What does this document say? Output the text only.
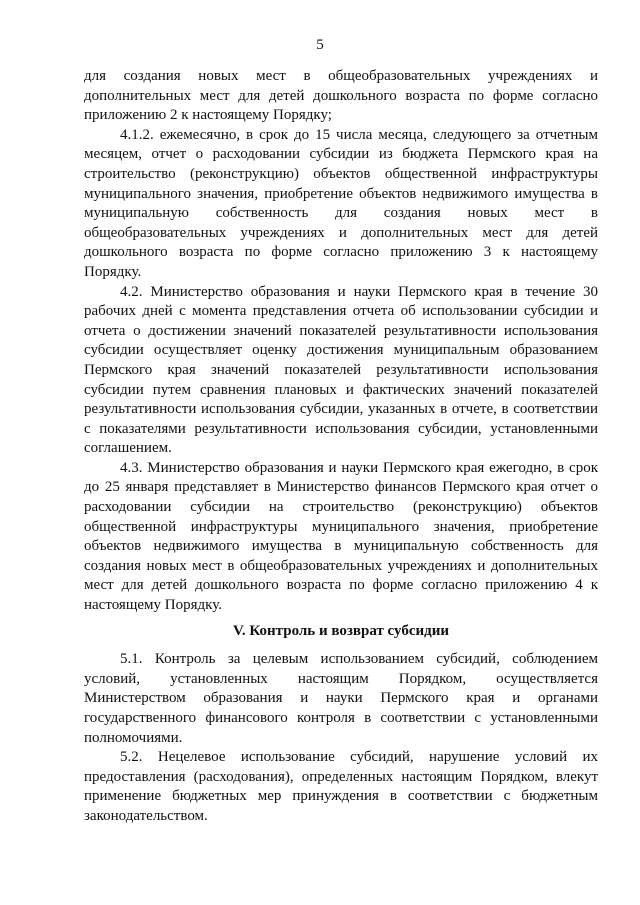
5

для создания новых мест в общеобразовательных учреждениях и дополнительных мест для детей дошкольного возраста по форме согласно приложению 2 к настоящему Порядку;

4.1.2. ежемесячно, в срок до 15 числа месяца, следующего за отчетным месяцем, отчет о расходовании субсидии из бюджета Пермского края на строительство (реконструкцию) объектов общественной инфраструктуры муниципального значения, приобретение объектов недвижимого имущества в муниципальную собственность для создания новых мест в общеобразовательных учреждениях и дополнительных мест для детей дошкольного возраста по форме согласно приложению 3 к настоящему Порядку.

4.2. Министерство образования и науки Пермского края в течение 30 рабочих дней с момента представления отчета об использовании субсидии и отчета о достижении значений показателей результативности использования субсидии осуществляет оценку достижения муниципальным образованием Пермского края значений показателей результативности использования субсидии путем сравнения плановых и фактических значений показателей результативности использования субсидии, указанных в отчете, в соответствии с показателями результативности использования субсидии, установленными соглашением.

4.3. Министерство образования и науки Пермского края ежегодно, в срок до 25 января представляет в Министерство финансов Пермского края отчет о расходовании субсидии на строительство (реконструкцию) объектов общественной инфраструктуры муниципального значения, приобретение объектов недвижимого имущества в муниципальную собственность для создания новых мест в общеобразовательных учреждениях и дополнительных мест для детей дошкольного возраста по форме согласно приложению 4 к настоящему Порядку.

V. Контроль и возврат субсидии

5.1. Контроль за целевым использованием субсидий, соблюдением условий, установленных настоящим Порядком, осуществляется Министерством образования и науки Пермского края и органами государственного финансового контроля в соответствии с установленными полномочиями.

5.2. Нецелевое использование субсидий, нарушение условий их предоставления (расходования), определенных настоящим Порядком, влекут применение бюджетных мер принуждения в соответствии с бюджетным законодательством.
